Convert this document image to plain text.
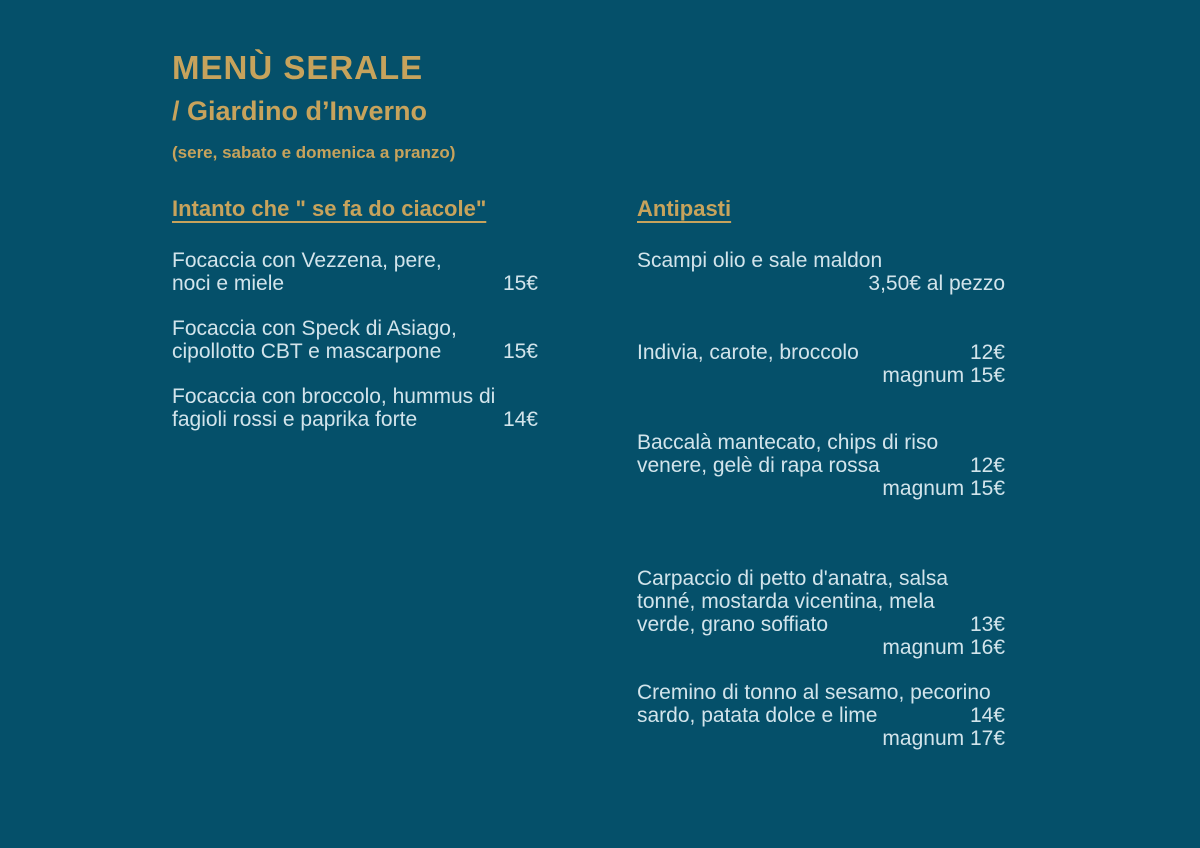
MENÙ SERALE
/ Giardino d’Inverno

(sere, sabato e domenica a pranzo)

Intanto che " se fa do ciacole"
Focaccia con Vezzena, pere,
noci e miele	15€
Focaccia con Speck di Asiago,
cipollotto CBT e mascarpone	15€
Focaccia con broccolo, hummus di
fagioli rossi e paprika forte	14€
Antipasti
Scampi olio e sale maldon
3,50€ al pezzo
Indivia, carote, broccolo	12€
magnum 15€
Baccalà mantecato, chips di riso
venere, gelè di rapa rossa	12€
magnum 15€
Carpaccio di petto d'anatra, salsa
tonné, mostarda vicentina, mela
verde, grano soffiato	13€
magnum 16€
Cremino di tonno al sesamo, pecorino
sardo, patata dolce e lime	14€
magnum 17€
